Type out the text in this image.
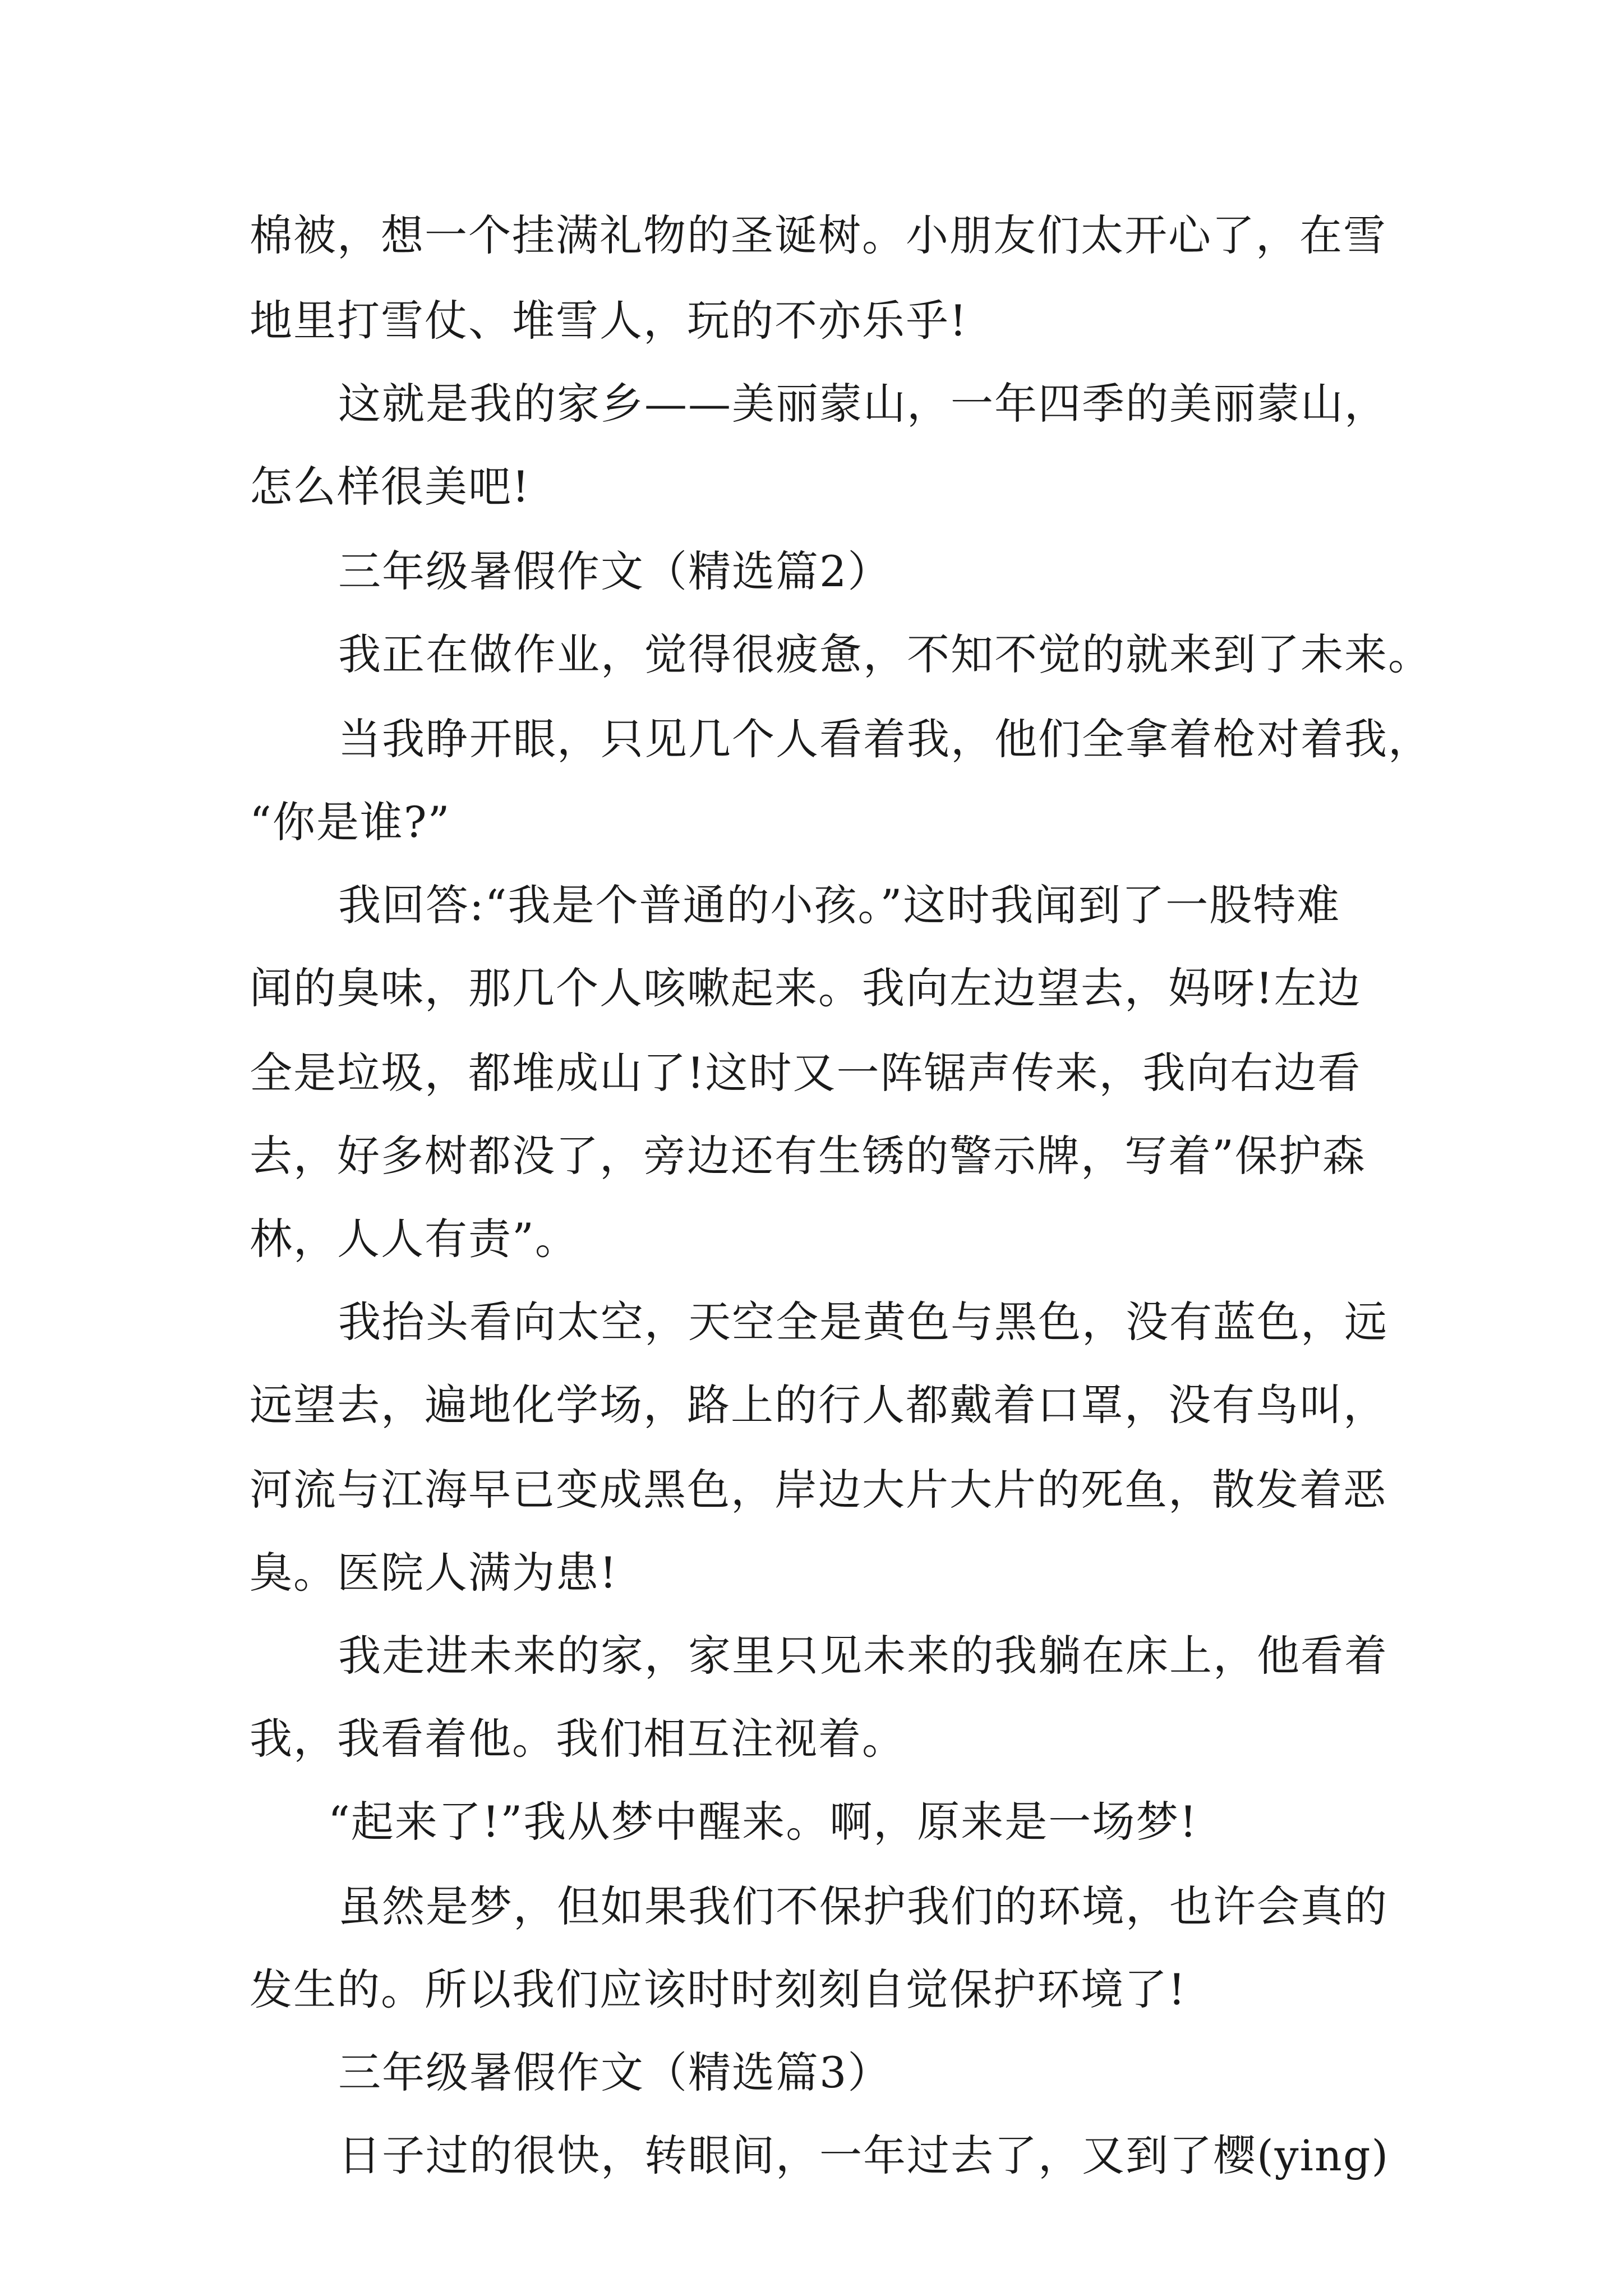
棉被，想一个挂满礼物的圣诞树。小朋友们太开心了，在雪
地里打雪仗、堆雪人，玩的不亦乐乎!
这就是我的家乡——美丽蒙山，一年四季的美丽蒙山，
怎么样很美吧!
三年级暑假作文（精选篇2）
我正在做作业，觉得很疲惫，不知不觉的就来到了未来。
当我睁开眼，只见几个人看着我，他们全拿着枪对着我，
“你是谁?”
我回答:“我是个普通的小孩。”这时我闻到了一股特难
闻的臭味，那几个人咳嗽起来。我向左边望去，妈呀!左边
全是垃圾，都堆成山了!这时又一阵锯声传来，我向右边看
去，好多树都没了，旁边还有生锈的警示牌，写着”保护森
林，人人有责”。
我抬头看向太空，天空全是黄色与黑色，没有蓝色，远
远望去，遍地化学场，路上的行人都戴着口罩，没有鸟叫，
河流与江海早已变成黑色，岸边大片大片的死鱼，散发着恶
臭。医院人满为患!
我走进未来的家，家里只见未来的我躺在床上，他看着
我，我看着他。我们相互注视着。
“起来了!”我从梦中醒来。啊，原来是一场梦!
虽然是梦，但如果我们不保护我们的环境，也许会真的
发生的。所以我们应该时时刻刻自觉保护环境了!
三年级暑假作文（精选篇3）
日子过的很快，转眼间，一年过去了，又到了樱(ying)
